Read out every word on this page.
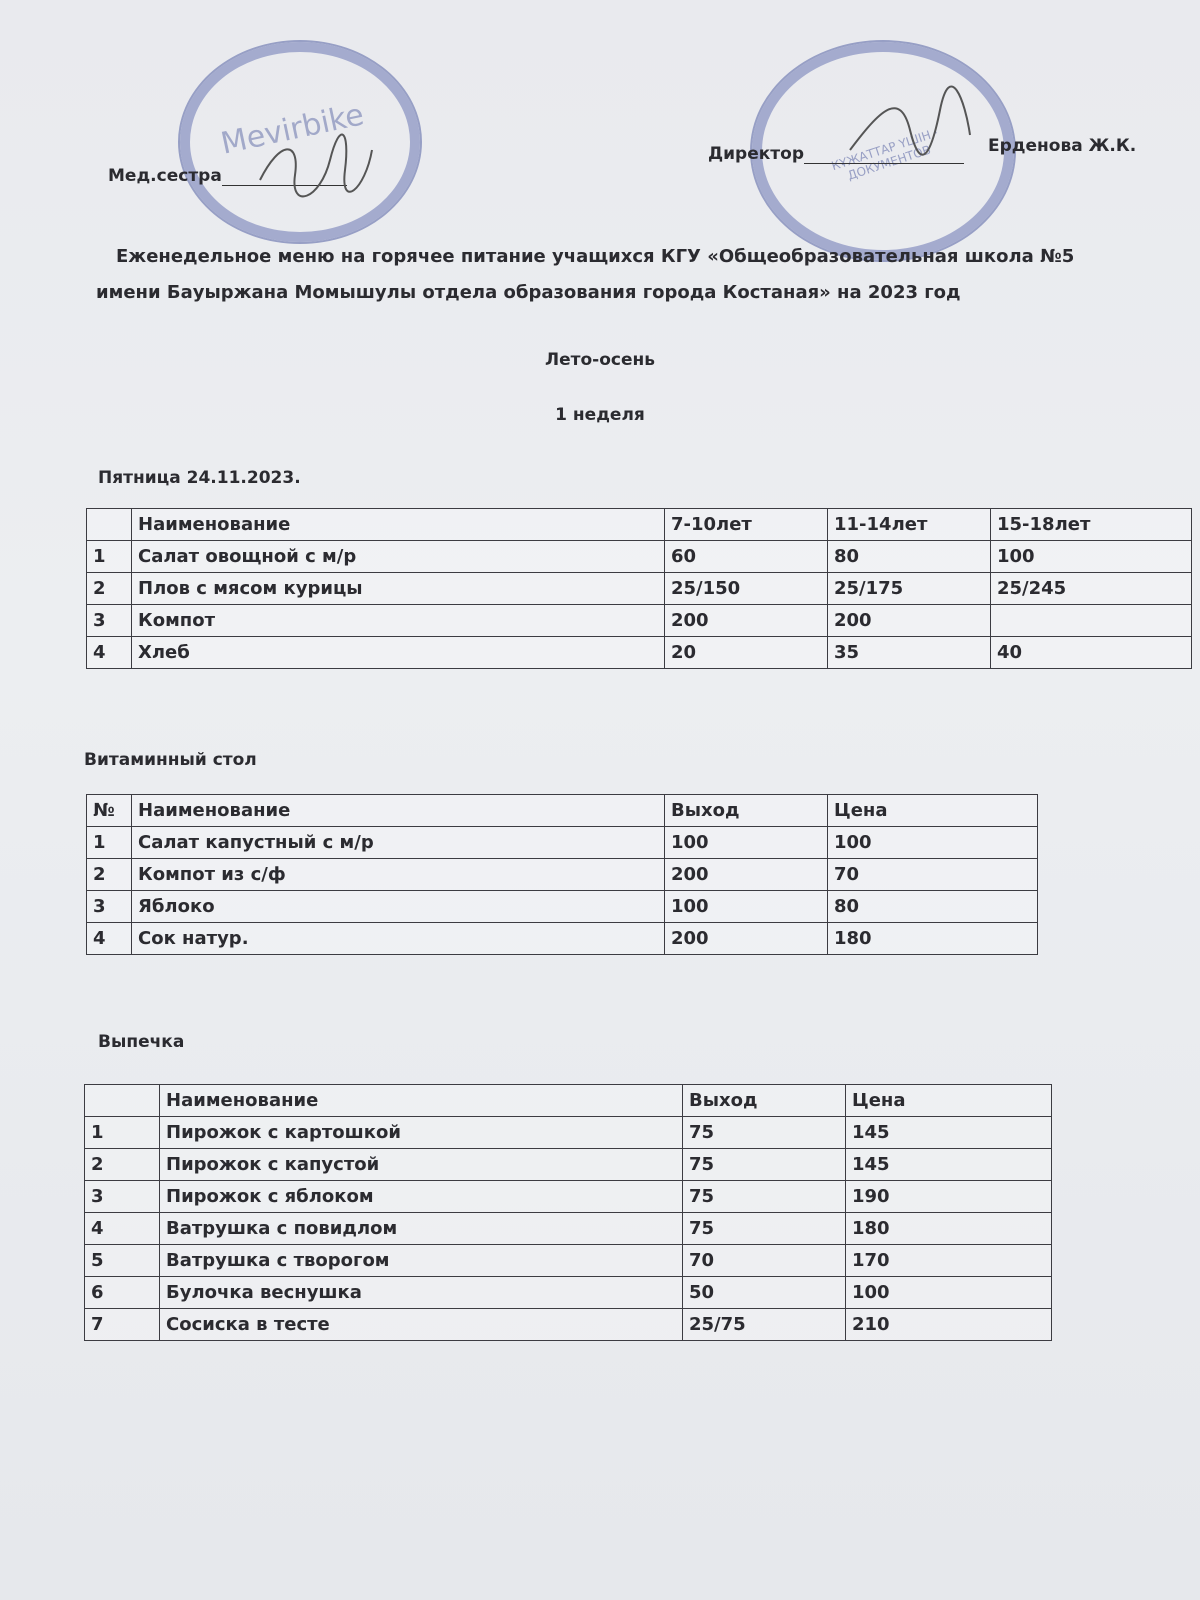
Mevirbike	КҰЖАТТАР ҮШІН · ДОКУМЕНТОВ
Мед.сестра
Директор	Ерденова Ж.К.
Еженедельное меню на горячее питание учащихся КГУ «Общеобразовательная школа №5
имени Бауыржана Момышулы отдела образования города Костаная» на 2023 год
Лето-осень
1 неделя
Пятница 24.11.2023.
	Наименование	7-10лет	11-14лет	15-18лет
1	Салат овощной с м/р	60	80	100
2	Плов с мясом курицы	25/150	25/175	25/245
3	Компот	200	200	
4	Хлеб	20	35	40
Витаминный стол
№	Наименование	Выход	Цена
1	Салат капустный с м/р	100	100
2	Компот из с/ф	200	70
3	Яблоко	100	80
4	Сок натур.	200	180
Выпечка
	Наименование	Выход	Цена
1	Пирожок с картошкой	75	145
2	Пирожок с капустой	75	145
3	Пирожок с яблоком	75	190
4	Ватрушка с повидлом	75	180
5	Ватрушка с творогом	70	170
6	Булочка веснушка	50	100
7	Сосиска в тесте	25/75	210
